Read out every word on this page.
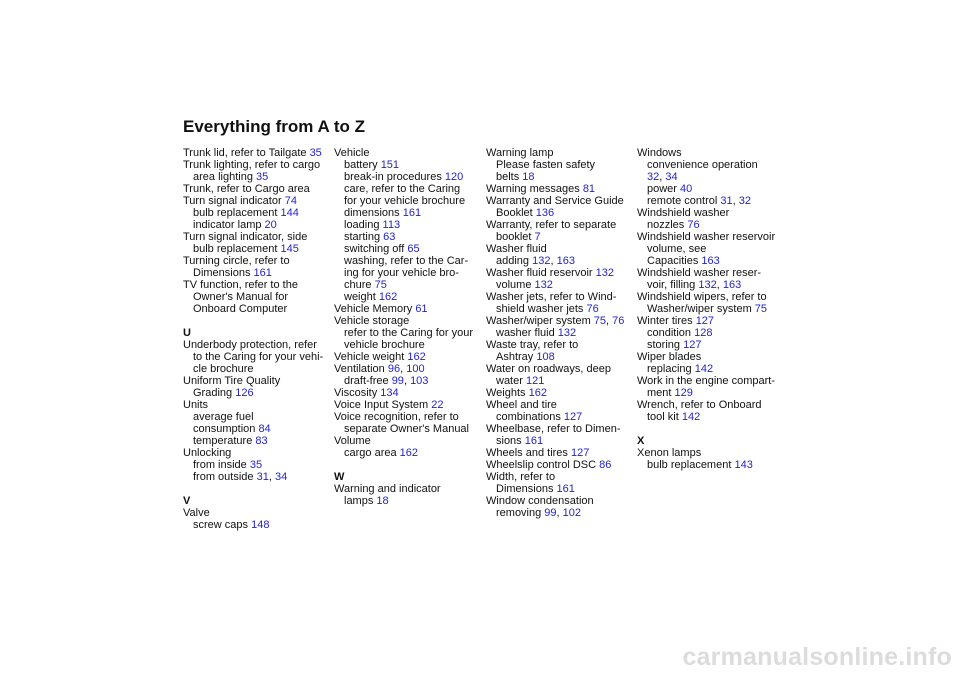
Everything from A to Z
Trunk lid, refer to Tailgate 35
Trunk lighting, refer to cargo
area lighting 35
Trunk, refer to Cargo area
Turn signal indicator 74
bulb replacement 144
indicator lamp 20
Turn signal indicator, side
bulb replacement 145
Turning circle, refer to
Dimensions 161
TV function, refer to the
Owner's Manual for
Onboard Computer
U
Underbody protection, refer
to the Caring for your vehi-
cle brochure
Uniform Tire Quality
Grading 126
Units
average fuel
consumption 84
temperature 83
Unlocking
from inside 35
from outside 31, 34
V
Valve
screw caps 148
Vehicle
battery 151
break-in procedures 120
care, refer to the Caring
for your vehicle brochure
dimensions 161
loading 113
starting 63
switching off 65
washing, refer to the Car-
ing for your vehicle bro-
chure 75
weight 162
Vehicle Memory 61
Vehicle storage
refer to the Caring for your
vehicle brochure
Vehicle weight 162
Ventilation 96, 100
draft-free 99, 103
Viscosity 134
Voice Input System 22
Voice recognition, refer to
separate Owner's Manual
Volume
cargo area 162
W
Warning and indicator
lamps 18
Warning lamp
Please fasten safety
belts 18
Warning messages 81
Warranty and Service Guide
Booklet 136
Warranty, refer to separate
booklet 7
Washer fluid
adding 132, 163
Washer fluid reservoir 132
volume 132
Washer jets, refer to Wind-
shield washer jets 76
Washer/wiper system 75, 76
washer fluid 132
Waste tray, refer to
Ashtray 108
Water on roadways, deep
water 121
Weights 162
Wheel and tire
combinations 127
Wheelbase, refer to Dimen-
sions 161
Wheels and tires 127
Wheelslip control DSC 86
Width, refer to
Dimensions 161
Window condensation
removing 99, 102
Windows
convenience operation
32, 34
power 40
remote control 31, 32
Windshield washer
nozzles 76
Windshield washer reservoir
volume, see
Capacities 163
Windshield washer reser-
voir, filling 132, 163
Windshield wipers, refer to
Washer/wiper system 75
Winter tires 127
condition 128
storing 127
Wiper blades
replacing 142
Work in the engine compart-
ment 129
Wrench, refer to Onboard
tool kit 142
X
Xenon lamps
bulb replacement 143
carmanualsonline.info
